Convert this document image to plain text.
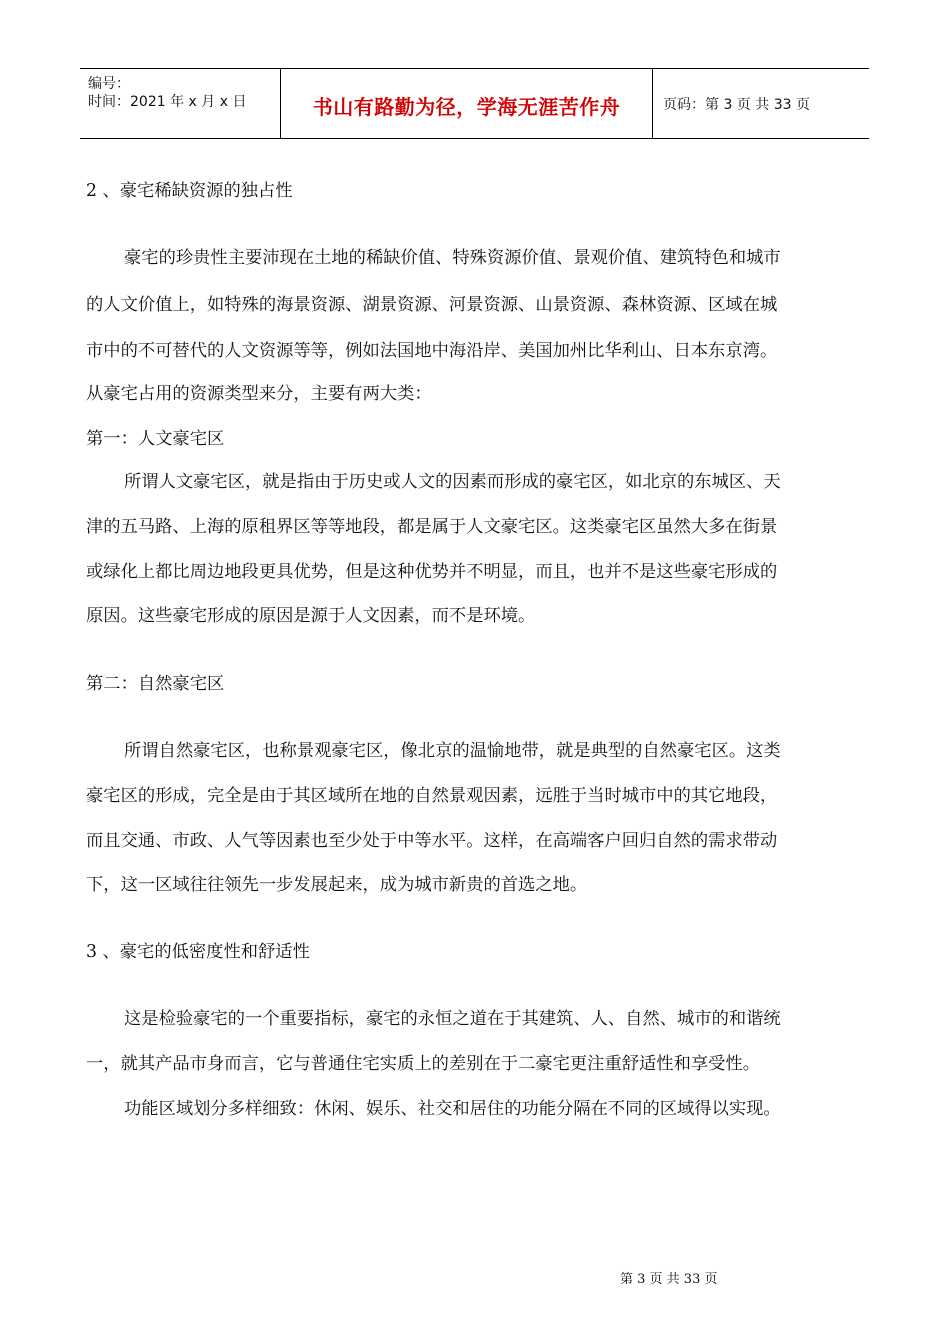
编号：
时间：2021 年 x 月 x 日	书山有路勤为径，学海无涯苦作舟	页码：第 3 页 共 33 页
2 、豪宅稀缺资源的独占性
豪宅的珍贵性主要沛现在土地的稀缺价值、特殊资源价值、景观价值、建筑特色和城市
的人文价值上，如特殊的海景资源、湖景资源、河景资源、山景资源、森林资源、区域在城
市中的不可替代的人文资源等等，例如法国地中海沿岸、美国加州比华利山、日本东京湾。
从豪宅占用的资源类型来分，主要有两大类：
第一：人文豪宅区
所谓人文豪宅区，就是指由于历史或人文的因素而形成的豪宅区，如北京的东城区、天
津的五马路、上海的原租界区等等地段，都是属于人文豪宅区。这类豪宅区虽然大多在街景
或绿化上都比周边地段更具优势，但是这种优势并不明显，而且，也并不是这些豪宅形成的
原因。这些豪宅形成的原因是源于人文因素，而不是环境。
第二：自然豪宅区
所谓自然豪宅区，也称景观豪宅区，像北京的温愉地带，就是典型的自然豪宅区。这类
豪宅区的形成，完全是由于其区域所在地的自然景观因素，远胜于当时城市中的其它地段，
而且交通、市政、人气等因素也至少处于中等水平。这样，在高端客户回归自然的需求带动
下，这一区域往往领先一步发展起来，成为城市新贵的首选之地。
3 、豪宅的低密度性和舒适性
这是检验豪宅的一个重要指标，豪宅的永恒之道在于其建筑、人、自然、城市的和谐统
一，就其产品市身而言，它与普通住宅实质上的差别在于二豪宅更注重舒适性和享受性。
功能区域划分多样细致：休闲、娱乐、社交和居住的功能分隔在不同的区域得以实现。
第 3 页 共 33 页
